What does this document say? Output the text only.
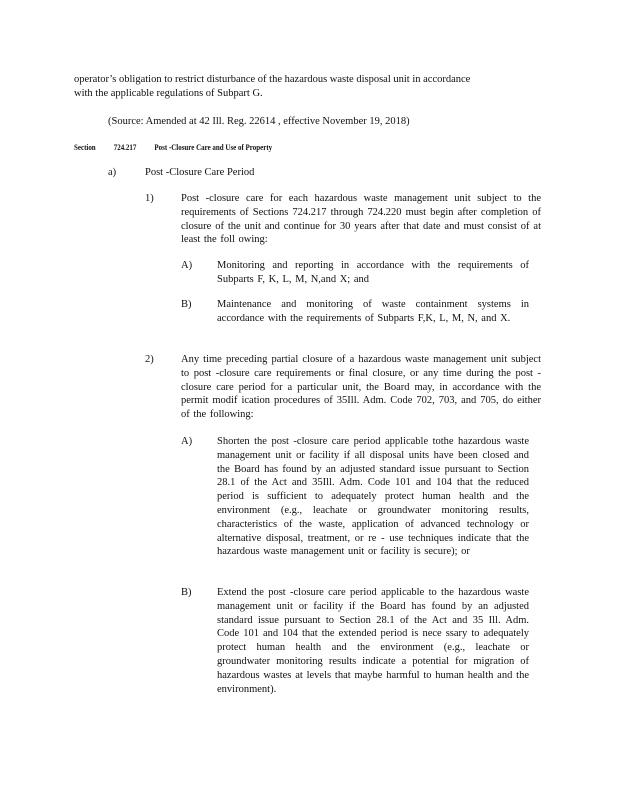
operator’s obligation to restrict disturbance of the hazardous waste disposal unit in accordance

with the applicable regulations of Subpart G.

(Source: Amended at 42 Ill. Reg. 22614 , effective November 19, 2018)

Section 724.217 Post -Closure Care and Use of Property
a)	Post -Closure Care Period
1)	Post -closure care for each hazardous waste management unit subject to the requirements of Sections 724.217 through 724.220 must begin after completion of closure of the unit and continue for 30 years after that date and must consist of at least the foll owing:

A) Monitoring and reporting in accordance with the requirements of Subparts F, K, L, M, N,and X; and

B) Maintenance and monitoring of waste containment systems in accordance with the requirements of Subparts F,K, L, M, N, and X.

2)	Any time preceding partial closure of a hazardous waste management unit subject to post -closure care requirements or final closure, or any time during the post -closure care period for a particular unit, the Board may, in accordance with the permit modif ication procedures of 35Ill. Adm. Code 702, 703, and 705, do either of the following:

A) Shorten the post -closure care period applicable tothe hazardous waste management unit or facility if all disposal units have been closed and the Board has found by an adjusted standard issue pursuant to Section 28.1 of the Act and 35Ill. Adm. Code 101 and 104 that the reduced period is sufficient to adequately protect human health and the environment (e.g., leachate or groundwater monitoring results, characteristics of the waste, application of advanced technology or alternative disposal, treatment, or re - use techniques indicate that the hazardous waste management unit or facility is secure); or

B) Extend the post -closure care period applicable to the hazardous waste management unit or facility if the Board has found by an adjusted standard issue pursuant to Section 28.1 of the Act and 35 Ill. Adm. Code 101 and 104 that the extended period is nece ssary to adequately protect human health and the environment (e.g., leachate or groundwater monitoring results indicate a potential for migration of hazardous wastes at levels that maybe harmful to human health and the environment).
